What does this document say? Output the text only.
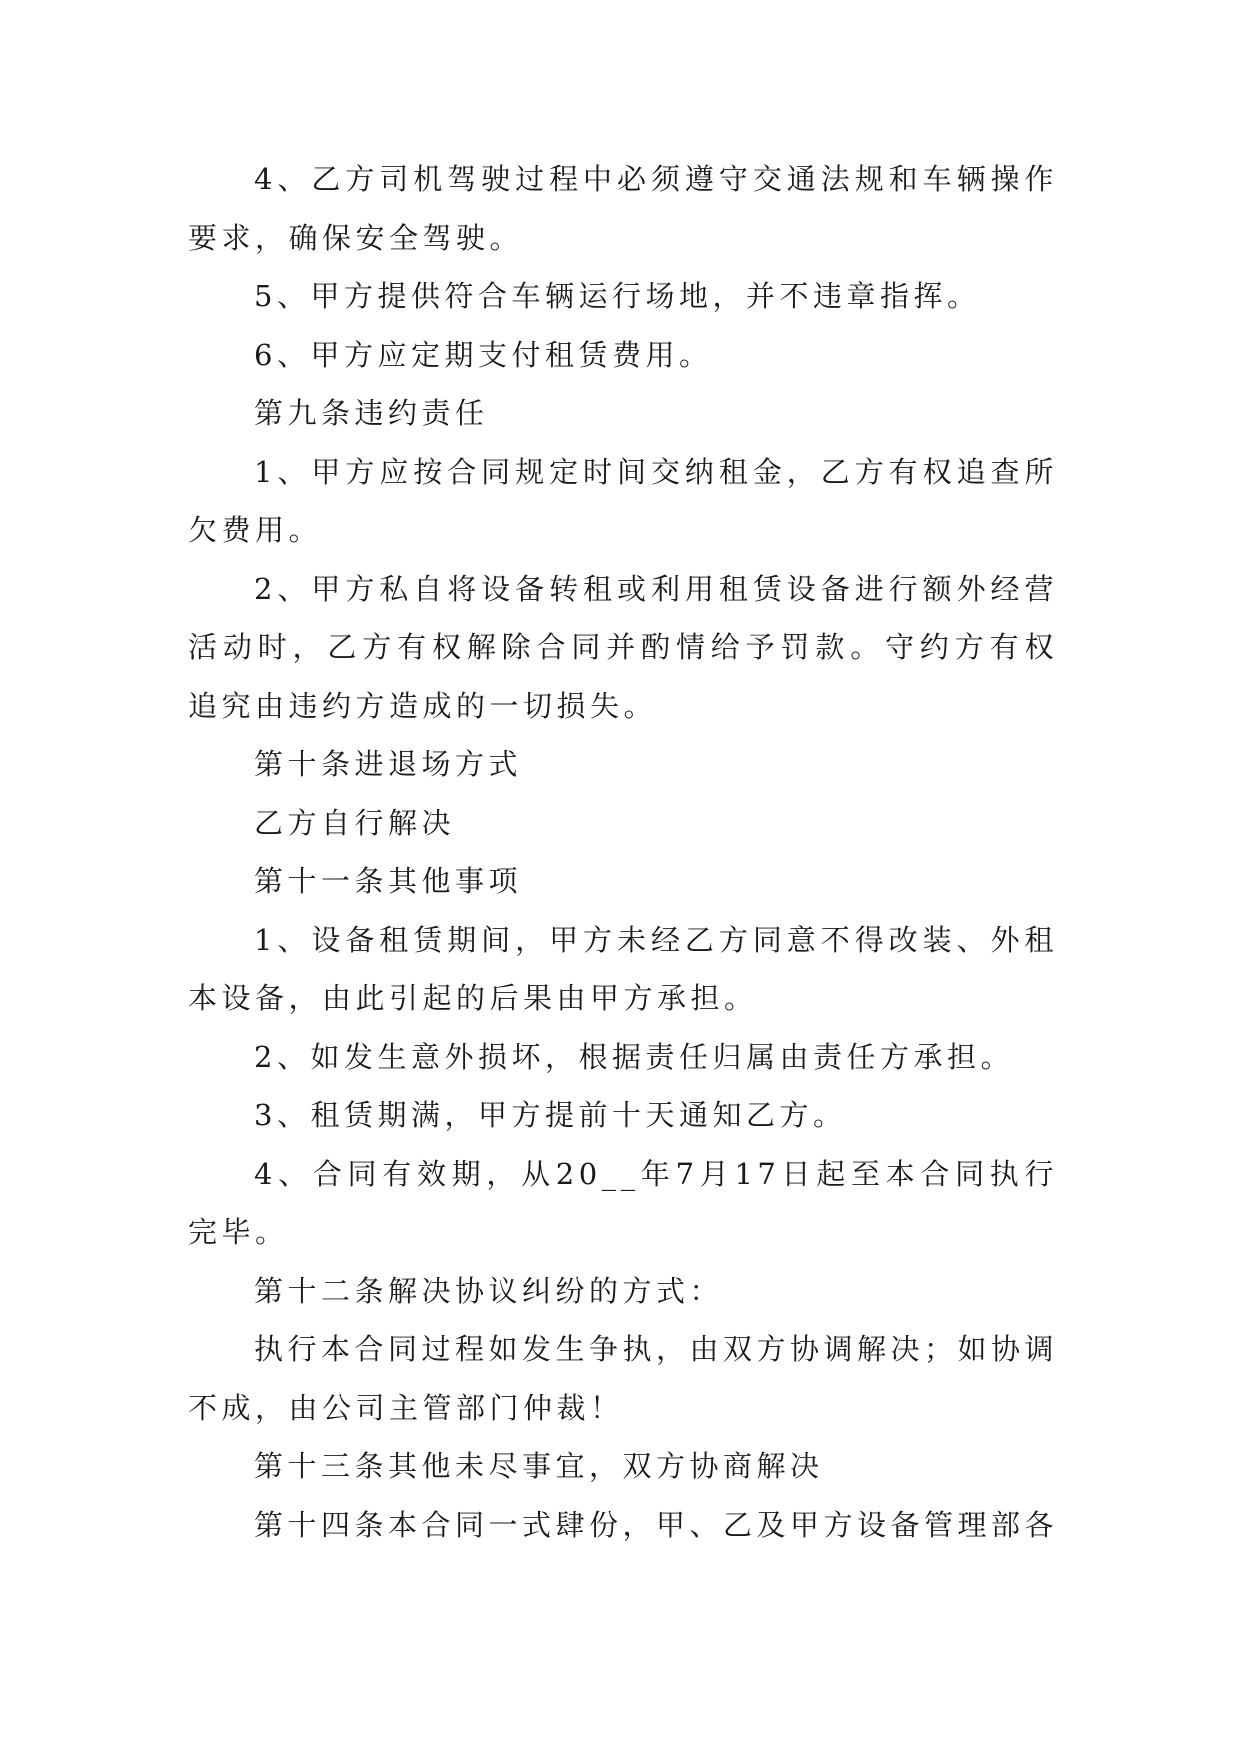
4、乙方司机驾驶过程中必须遵守交通法规和车辆操作要求，确保安全驾驶。

5、甲方提供符合车辆运行场地，并不违章指挥。

6、甲方应定期支付租赁费用。

第九条违约责任

1、甲方应按合同规定时间交纳租金，乙方有权追查所欠费用。

2、甲方私自将设备转租或利用租赁设备进行额外经营活动时，乙方有权解除合同并酌情给予罚款。守约方有权追究由违约方造成的一切损失。

第十条进退场方式

乙方自行解决

第十一条其他事项

1、设备租赁期间，甲方未经乙方同意不得改装、外租本设备，由此引起的后果由甲方承担。

2、如发生意外损坏，根据责任归属由责任方承担。

3、租赁期满，甲方提前十天通知乙方。

4、合同有效期，从20__年7月17日起至本合同执行完毕。

第十二条解决协议纠纷的方式：

执行本合同过程如发生争执，由双方协调解决；如协调不成，由公司主管部门仲裁！

第十三条其他未尽事宜，双方协商解决

第十四条本合同一式肆份，甲、乙及甲方设备管理部各
